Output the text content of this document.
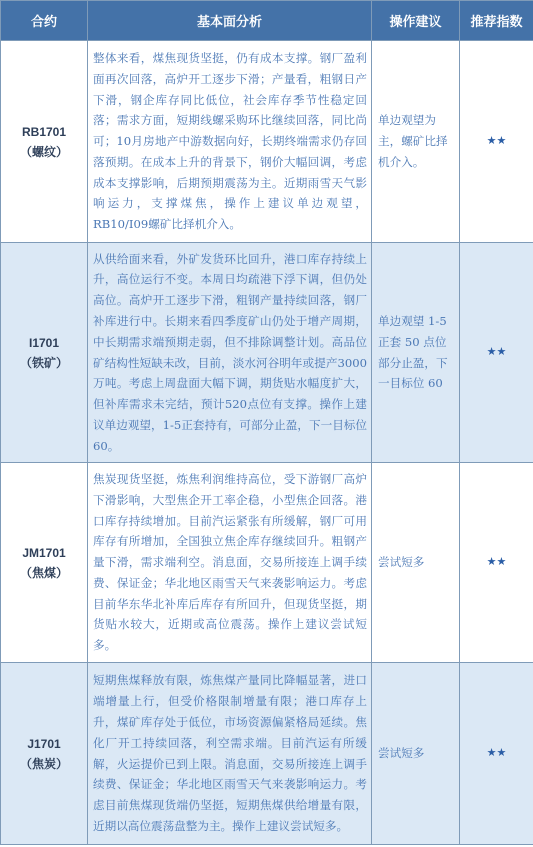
合约	基本面分析	操作建议	推荐指数

RB1701
（螺纹）	整体来看，煤焦现货坚挺，仍有成本支撑。钢厂盈利面再次回落，高炉开工逐步下滑；产量看，粗钢日产下滑，钢企库存同比低位，社会库存季节性稳定回落；需求方面，短期线螺采购环比继续回落，同比尚可；10月房地产中游数据向好，长期终端需求仍存回落预期。在成本上升的背景下，钢价大幅回调，考虑成本支撑影响，后期预期震荡为主。近期雨雪天气影响运力，支撑煤焦，操作上建议单边观望，RB10/I09螺矿比择机介入。	单边观望为主，螺矿比择机介入。	★★

I1701
（铁矿）	从供给面来看，外矿发货环比回升，港口库存持续上升，高位运行不变。本周日均疏港下浮下调，但仍处高位。高炉开工逐步下滑，粗钢产量持续回落，钢厂补库进行中。长期来看四季度矿山仍处于增产周期，中长期需求端预期走弱，但不排除调整计划。高品位矿结构性短缺未改，目前，淡水河谷明年或提产3000万吨。考虑上周盘面大幅下调，期货贴水幅度扩大，但补库需求未完结，预计520点位有支撑。操作上建议单边观望，1-5正套持有，可部分止盈，下一目标位60。	单边观望 1-5 正套 50 点位部分止盈，下一目标位 60	★★

JM1701
（焦煤）	焦炭现货坚挺，炼焦利润维持高位，受下游钢厂高炉下滑影响，大型焦企开工率企稳，小型焦企回落。港口库存持续增加。目前汽运紧张有所缓解，钢厂可用库存有所增加，全国独立焦企库存继续回升。粗钢产量下滑，需求端利空。消息面，交易所接连上调手续费、保证金；华北地区雨雪天气来袭影响运力。考虑目前华东华北补库后库存有所回升，但现货坚挺，期货贴水较大，近期或高位震荡。操作上建议尝试短多。	尝试短多	★★

J1701
（焦炭）	短期焦煤释放有限，炼焦煤产量同比降幅显著，进口端增量上行，但受价格限制增量有限；港口库存上升，煤矿库存处于低位，市场资源偏紧格局延续。焦化厂开工持续回落，利空需求端。目前汽运有所缓解，火运提价已到上限。消息面，交易所接连上调手续费、保证金；华北地区雨雪天气来袭影响运力。考虑目前焦煤现货端仍坚挺，短期焦煤供给增量有限，近期以高位震荡盘整为主。操作上建议尝试短多。	尝试短多	★★
